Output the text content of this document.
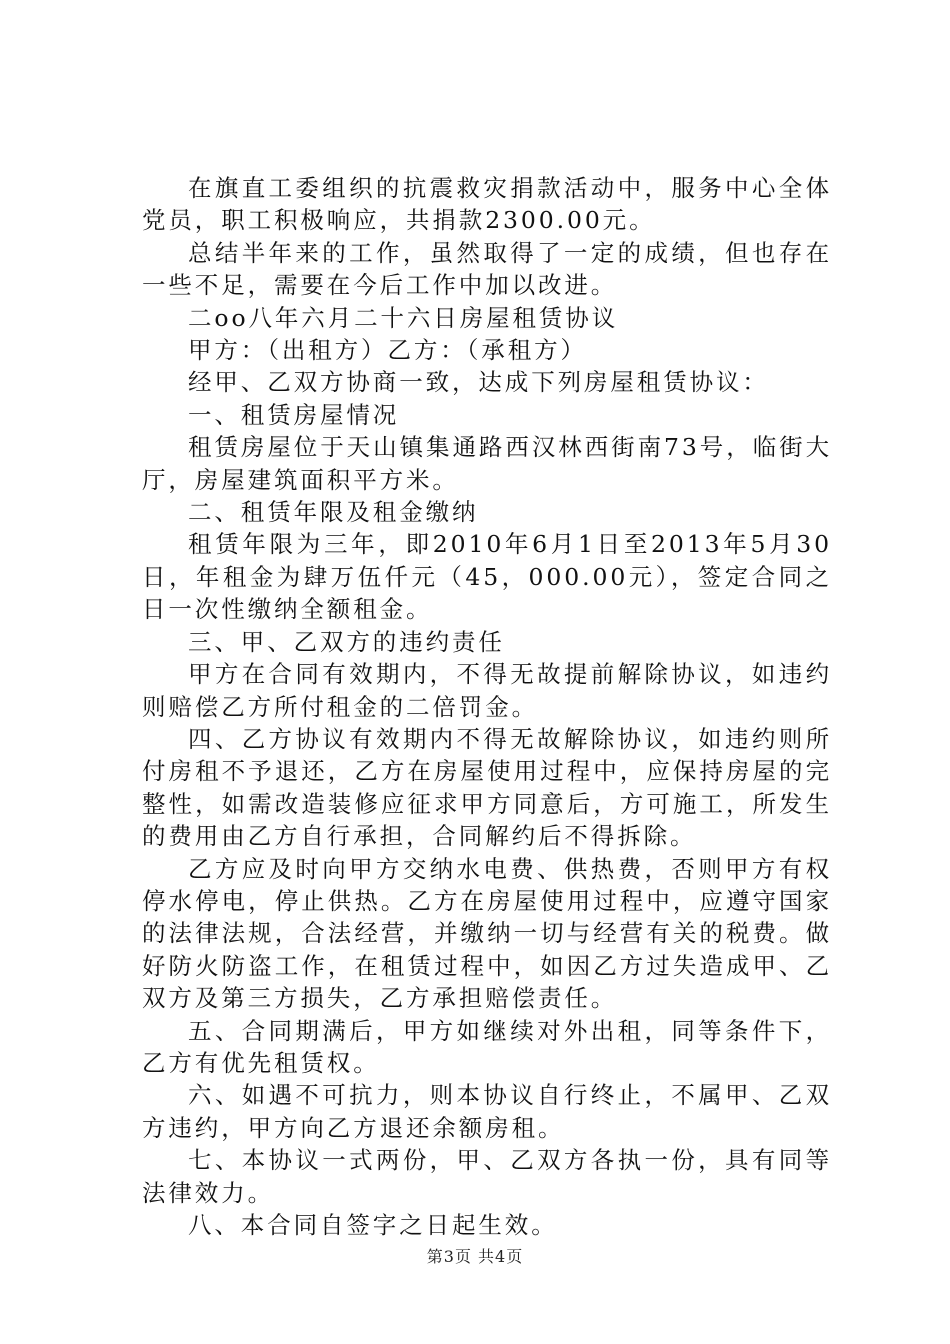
在旗直工委组织的抗震救灾捐款活动中，服务中心全体党员，职工积极响应，共捐款2300.00元。

总结半年来的工作，虽然取得了一定的成绩，但也存在一些不足，需要在今后工作中加以改进。

二oo八年六月二十六日房屋租赁协议

甲方：（出租方）乙方：（承租方）

经甲、乙双方协商一致，达成下列房屋租赁协议：

一、租赁房屋情况

租赁房屋位于天山镇集通路西汉林西街南73号，临街大厅，房屋建筑面积平方米。

二、租赁年限及租金缴纳

租赁年限为三年，即2010年6月1日至2013年5月30日，年租金为肆万伍仟元（45，000.00元），签定合同之日一次性缴纳全额租金。

三、甲、乙双方的违约责任

甲方在合同有效期内，不得无故提前解除协议，如违约则赔偿乙方所付租金的二倍罚金。

四、乙方协议有效期内不得无故解除协议，如违约则所付房租不予退还，乙方在房屋使用过程中，应保持房屋的完整性，如需改造装修应征求甲方同意后，方可施工，所发生的费用由乙方自行承担，合同解约后不得拆除。

乙方应及时向甲方交纳水电费、供热费，否则甲方有权停水停电，停止供热。乙方在房屋使用过程中，应遵守国家的法律法规，合法经营，并缴纳一切与经营有关的税费。做好防火防盗工作，在租赁过程中，如因乙方过失造成甲、乙双方及第三方损失，乙方承担赔偿责任。

五、合同期满后，甲方如继续对外出租，同等条件下，乙方有优先租赁权。

六、如遇不可抗力，则本协议自行终止，不属甲、乙双方违约，甲方向乙方退还余额房租。

七、本协议一式两份，甲、乙双方各执一份，具有同等法律效力。

八、本合同自签字之日起生效。

第3页 共4页
